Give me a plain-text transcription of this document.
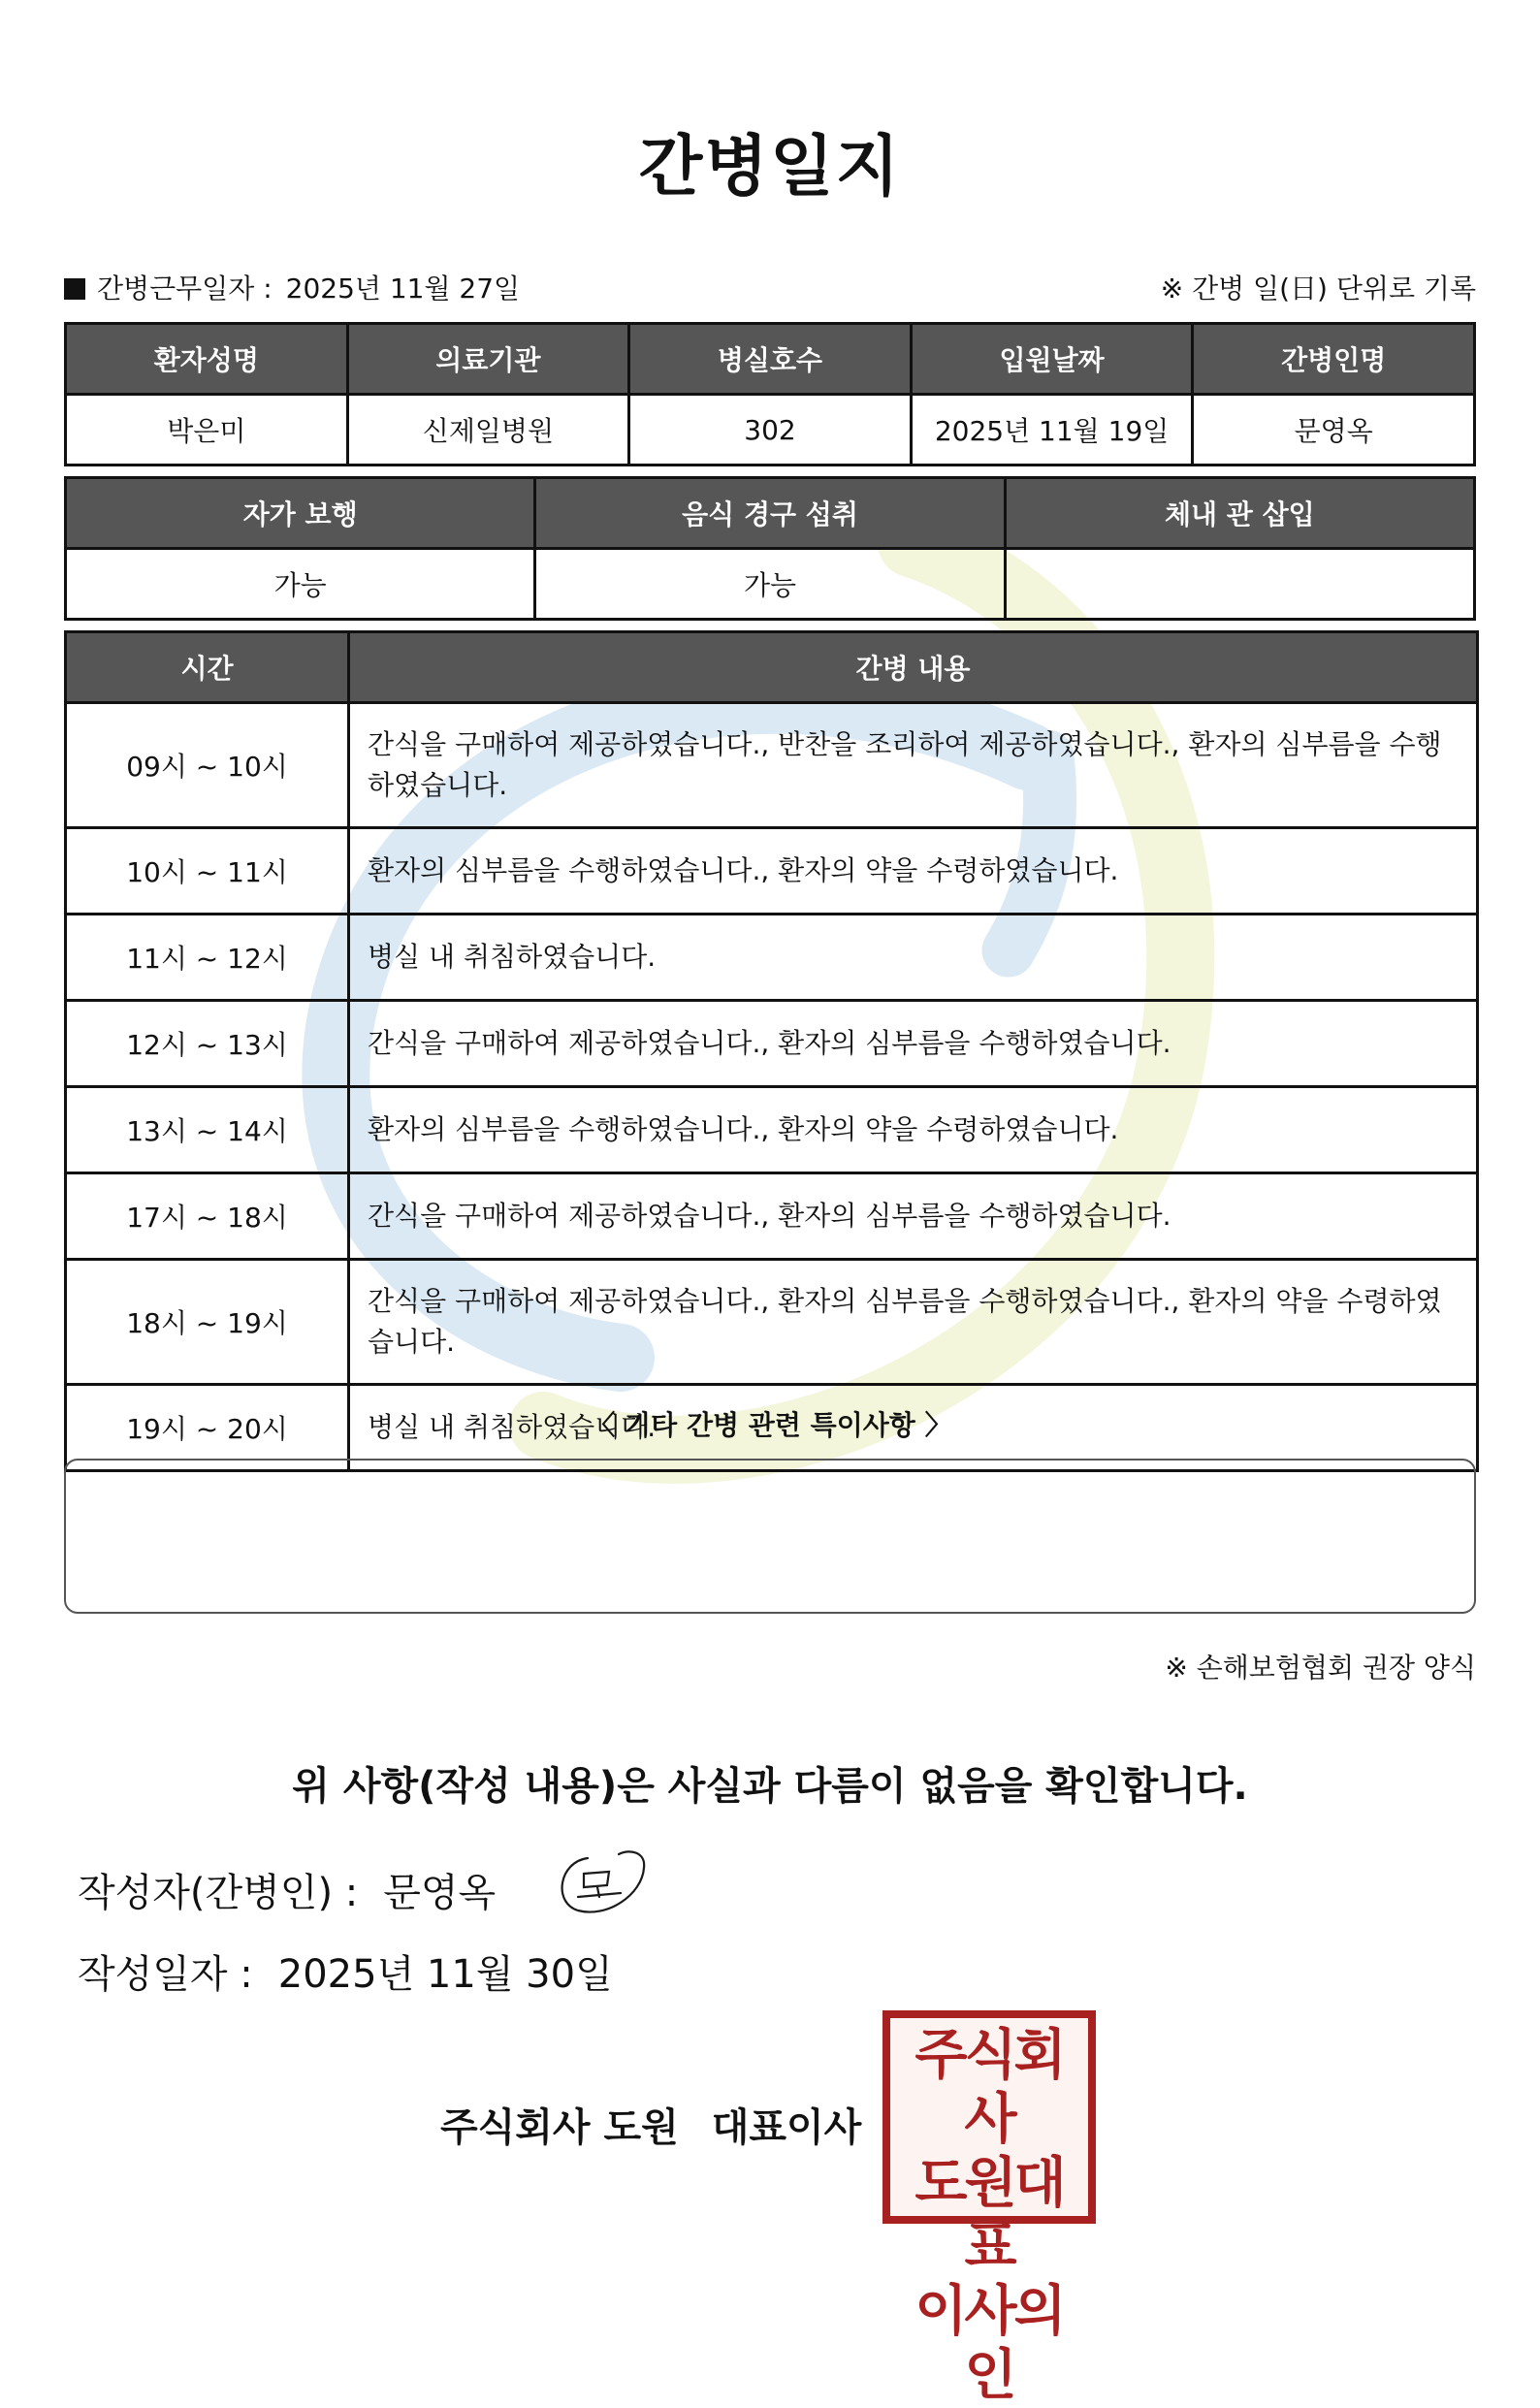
간병일지
간병근무일자 : 2025년 11월 27일	※ 간병 일(日) 단위로 기록
환자성명	의료기관	병실호수	입원날짜	간병인명
박은미	신제일병원	302	2025년 11월 19일	문영옥
자가 보행	음식 경구 섭취	체내 관 삽입
가능	가능	
시간	간병 내용
09시 ~ 10시	간식을 구매하여 제공하였습니다., 반찬을 조리하여 제공하였습니다., 환자의 심부름을 수행하였습니다.
10시 ~ 11시	환자의 심부름을 수행하였습니다., 환자의 약을 수령하였습니다.
11시 ~ 12시	병실 내 취침하였습니다.
12시 ~ 13시	간식을 구매하여 제공하였습니다., 환자의 심부름을 수행하였습니다.
13시 ~ 14시	환자의 심부름을 수행하였습니다., 환자의 약을 수령하였습니다.
17시 ~ 18시	간식을 구매하여 제공하였습니다., 환자의 심부름을 수행하였습니다.
18시 ~ 19시	간식을 구매하여 제공하였습니다., 환자의 심부름을 수행하였습니다., 환자의 약을 수령하였습니다.
19시 ~ 20시	병실 내 취침하였습니다.
〈 기타 간병 관련 특이사항 〉
※ 손해보험협회 권장 양식
위 사항(작성 내용)은 사실과 다름이 없음을 확인합니다.
작성자(간병인) : 문영옥
작성일자 : 2025년 11월 30일
주식회사 도원 대표이사
주식회사
도원대표
이사의인
